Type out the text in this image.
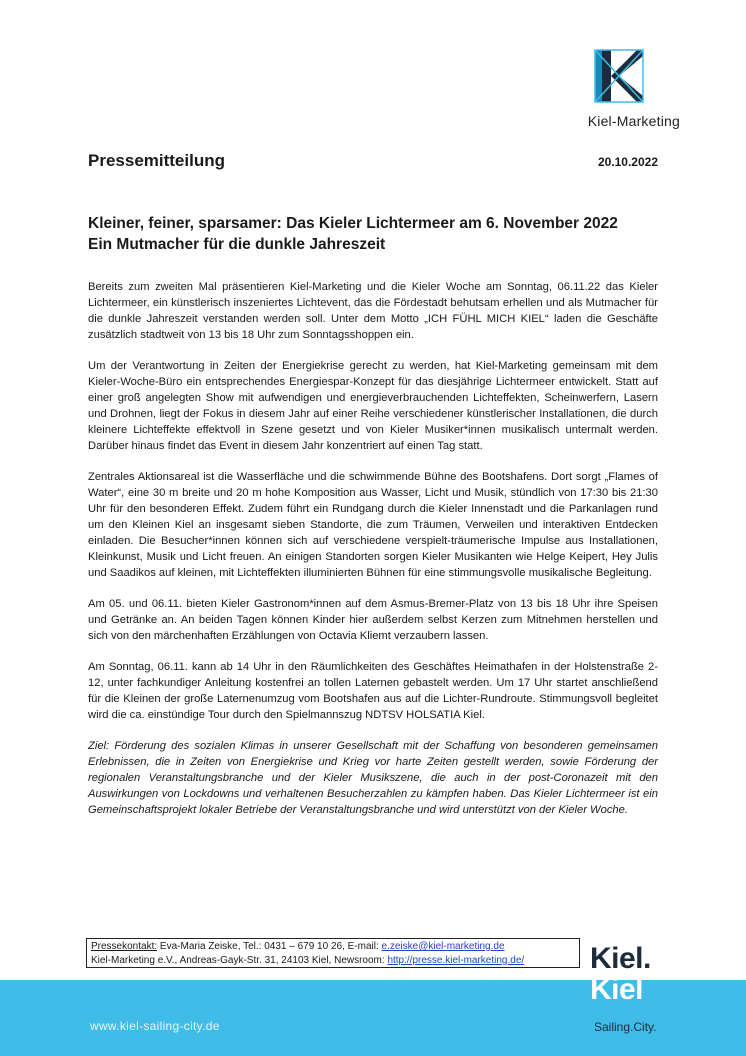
Kiel-Marketing
Pressemitteilung	20.10.2022
Kleiner, feiner, sparsamer: Das Kieler Lichtermeer am 6. November 2022
Ein Mutmacher für die dunkle Jahreszeit

Bereits zum zweiten Mal präsentieren Kiel-Marketing und die Kieler Woche am Sonntag, 06.11.22 das Kieler Lichtermeer, ein künstlerisch inszeniertes Lichtevent, das die Fördestadt behutsam erhellen und als Mutmacher für die dunkle Jahreszeit verstanden werden soll. Unter dem Motto „ICH FÜHL MICH KIEL“ laden die Geschäfte zusätzlich stadtweit von 13 bis 18 Uhr zum Sonntagsshoppen ein.

Um der Verantwortung in Zeiten der Energiekrise gerecht zu werden, hat Kiel-Marketing gemeinsam mit dem Kieler-Woche-Büro ein entsprechendes Energiespar-Konzept für das diesjährige Lichtermeer entwickelt. Statt auf einer groß angelegten Show mit aufwendigen und energieverbrauchenden Lichteffekten, Scheinwerfern, Lasern und Drohnen, liegt der Fokus in diesem Jahr auf einer Reihe verschiedener künstlerischer Installationen, die durch kleinere Lichteffekte effektvoll in Szene gesetzt und von Kieler Musiker*innen musikalisch untermalt werden. Darüber hinaus findet das Event in diesem Jahr konzentriert auf einen Tag statt.

Zentrales Aktionsareal ist die Wasserfläche und die schwimmende Bühne des Bootshafens. Dort sorgt „Flames of Water“, eine 30 m breite und 20 m hohe Komposition aus Wasser, Licht und Musik, stündlich von 17:30 bis 21:30 Uhr für den besonderen Effekt. Zudem führt ein Rundgang durch die Kieler Innenstadt und die Parkanlagen rund um den Kleinen Kiel an insgesamt sieben Standorte, die zum Träumen, Verweilen und interaktiven Entdecken einladen. Die Besucher*innen können sich auf verschiedene verspielt-träumerische Impulse aus Installationen, Kleinkunst, Musik und Licht freuen. An einigen Standorten sorgen Kieler Musikanten wie Helge Keipert, Hey Julis und Saadikos auf kleinen, mit Lichteffekten illuminierten Bühnen für eine stimmungsvolle musikalische Begleitung.

Am 05. und 06.11. bieten Kieler Gastronom*innen auf dem Asmus-Bremer-Platz von 13 bis 18 Uhr ihre Speisen und Getränke an. An beiden Tagen können Kinder hier außerdem selbst Kerzen zum Mitnehmen herstellen und sich von den märchenhaften Erzählungen von Octavia Kliemt verzaubern lassen.

Am Sonntag, 06.11. kann ab 14 Uhr in den Räumlichkeiten des Geschäftes Heimathafen in der Holstenstraße 2-12, unter fachkundiger Anleitung kostenfrei an tollen Laternen gebastelt werden. Um 17 Uhr startet anschließend für die Kleinen der große Laternenumzug vom Bootshafen aus auf die Lichter-Rundroute. Stimmungsvoll begleitet wird die ca. einstündige Tour durch den Spielmannszug NDTSV HOLSATIA Kiel.

Ziel: Förderung des sozialen Klimas in unserer Gesellschaft mit der Schaffung von besonderen gemeinsamen Erlebnissen, die in Zeiten von Energiekrise und Krieg vor harte Zeiten gestellt werden, sowie Förderung der regionalen Veranstaltungsbranche und der Kieler Musikszene, die auch in der post-Coronazeit mit den Auswirkungen von Lockdowns und verhaltenen Besucherzahlen zu kämpfen haben. Das Kieler Lichtermeer ist ein Gemeinschaftsprojekt lokaler Betriebe der Veranstaltungsbranche und wird unterstützt von der Kieler Woche.

Pressekontakt: Eva-Maria Zeiske, Tel.: 0431 – 679 10 26, E-mail: e.zeiske@kiel-marketing.de
Kiel-Marketing e.V., Andreas-Gayk-Str. 31, 24103 Kiel, Newsroom: http://presse.kiel-marketing.de/
www.kiel-sailing-city.de
Kiel.
Kiel
Sailing.City.
